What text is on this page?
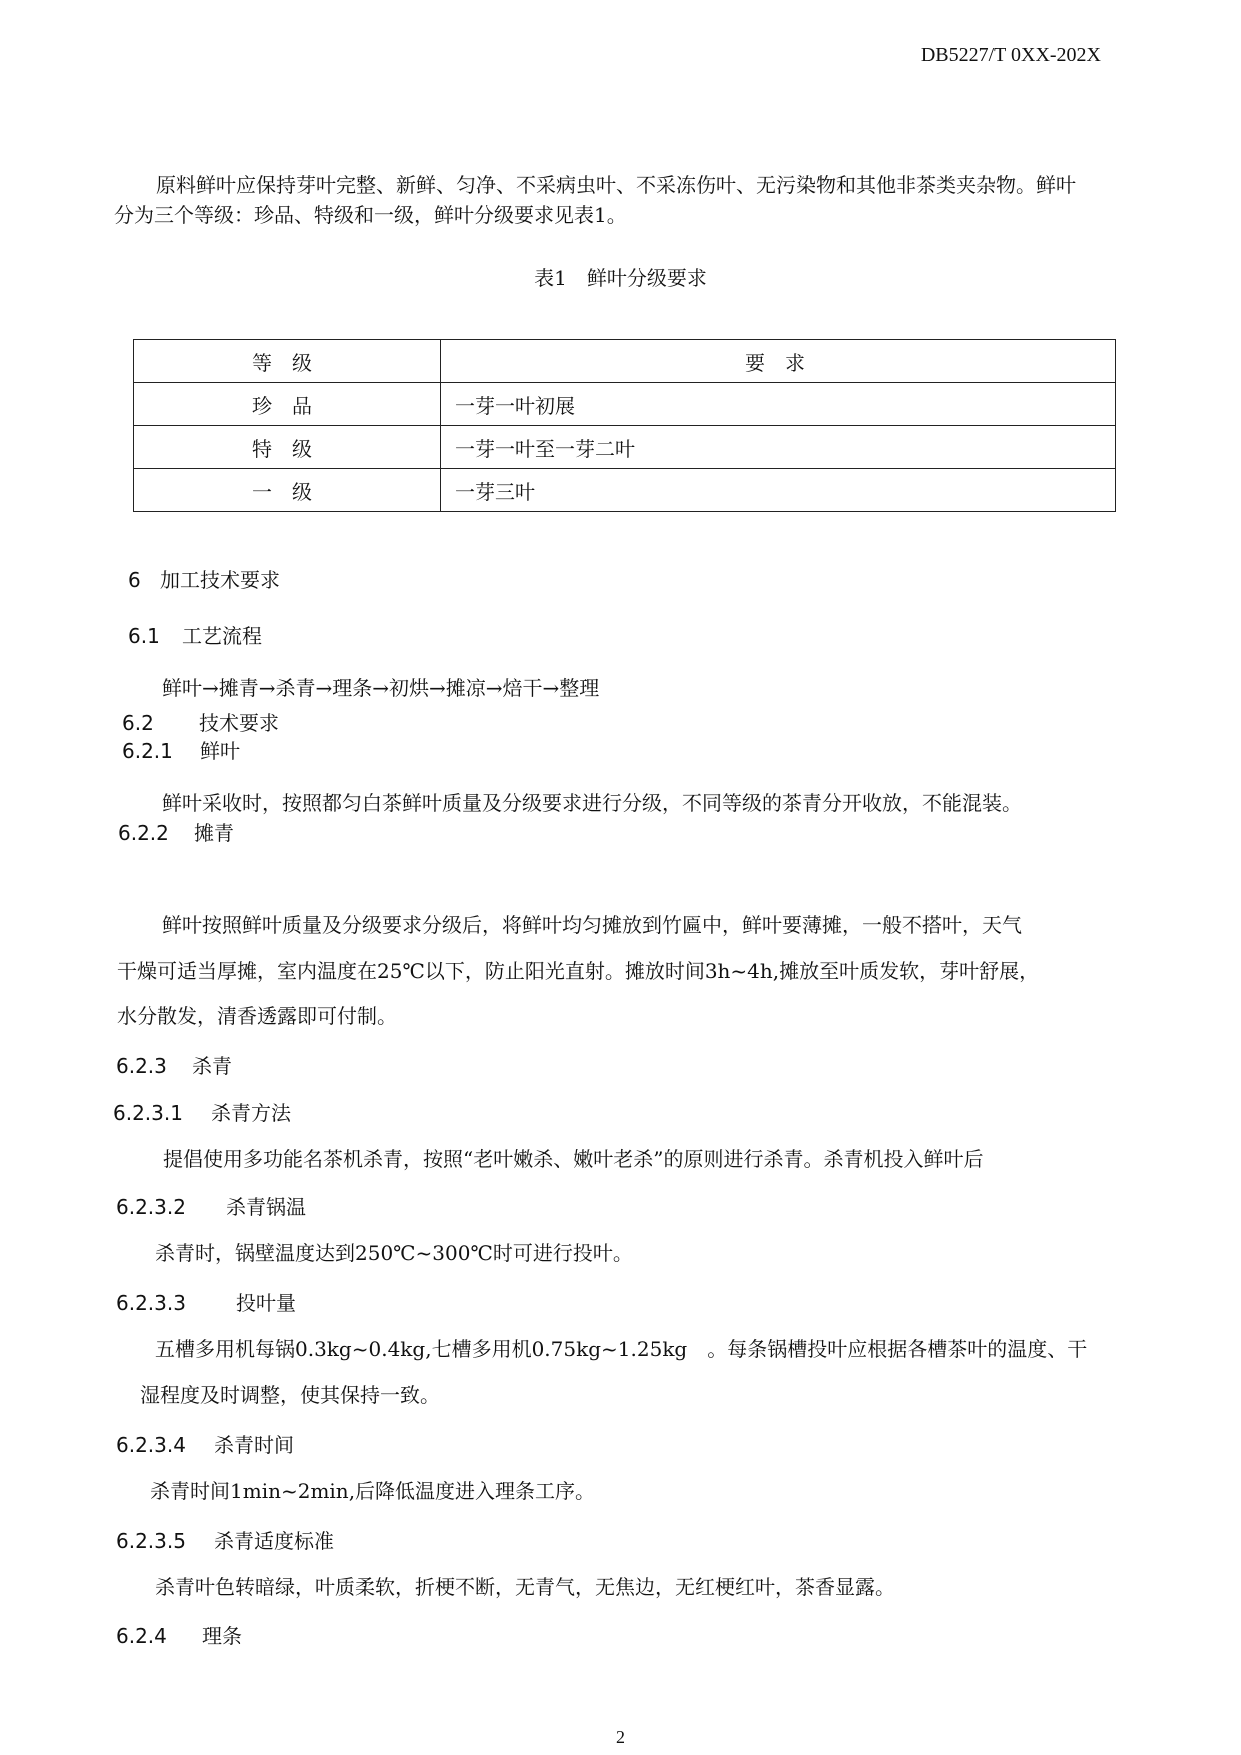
DB5227/T 0XX-202X
原料鲜叶应保持芽叶完整、新鲜、匀净、不采病虫叶、不采冻伤叶、无污染物和其他非茶类夹杂物。鲜叶
分为三个等级：珍品、特级和一级，鲜叶分级要求见表1。
表1　鲜叶分级要求
等级	要求
珍品	一芽一叶初展
特级	一芽一叶至一芽二叶
一级	一芽三叶
6 加工技术要求
6.1 工艺流程
鲜叶→摊青→杀青→理条→初烘→摊凉→焙干→整理
6.2 技术要求
6.2.1 鲜叶
鲜叶采收时，按照都匀白茶鲜叶质量及分级要求进行分级，不同等级的茶青分开收放，不能混装。
6.2.2 摊青
鲜叶按照鲜叶质量及分级要求分级后，将鲜叶均匀摊放到竹匾中，鲜叶要薄摊，一般不搭叶，天气
干燥可适当厚摊，室内温度在25℃以下，防止阳光直射。摊放时间3h~4h,摊放至叶质发软，芽叶舒展，
水分散发，清香透露即可付制。
6.2.3 杀青
6.2.3.1 杀青方法
提倡使用多功能名茶机杀青，按照“老叶嫩杀、嫩叶老杀”的原则进行杀青。杀青机投入鲜叶后
6.2.3.2 杀青锅温
杀青时，锅壁温度达到250℃~300℃时可进行投叶。
6.2.3.3	投叶量
五槽多用机每锅0.3kg~0.4kg,七槽多用机0.75kg~1.25kg　。每条锅槽投叶应根据各槽茶叶的温度、干
湿程度及时调整，使其保持一致。
6.2.3.4 杀青时间
杀青时间1min~2min,后降低温度进入理条工序。
6.2.3.5 杀青适度标准
杀青叶色转暗绿，叶质柔软，折梗不断，无青气，无焦边，无红梗红叶，茶香显露。
6.2.4 理条
2
